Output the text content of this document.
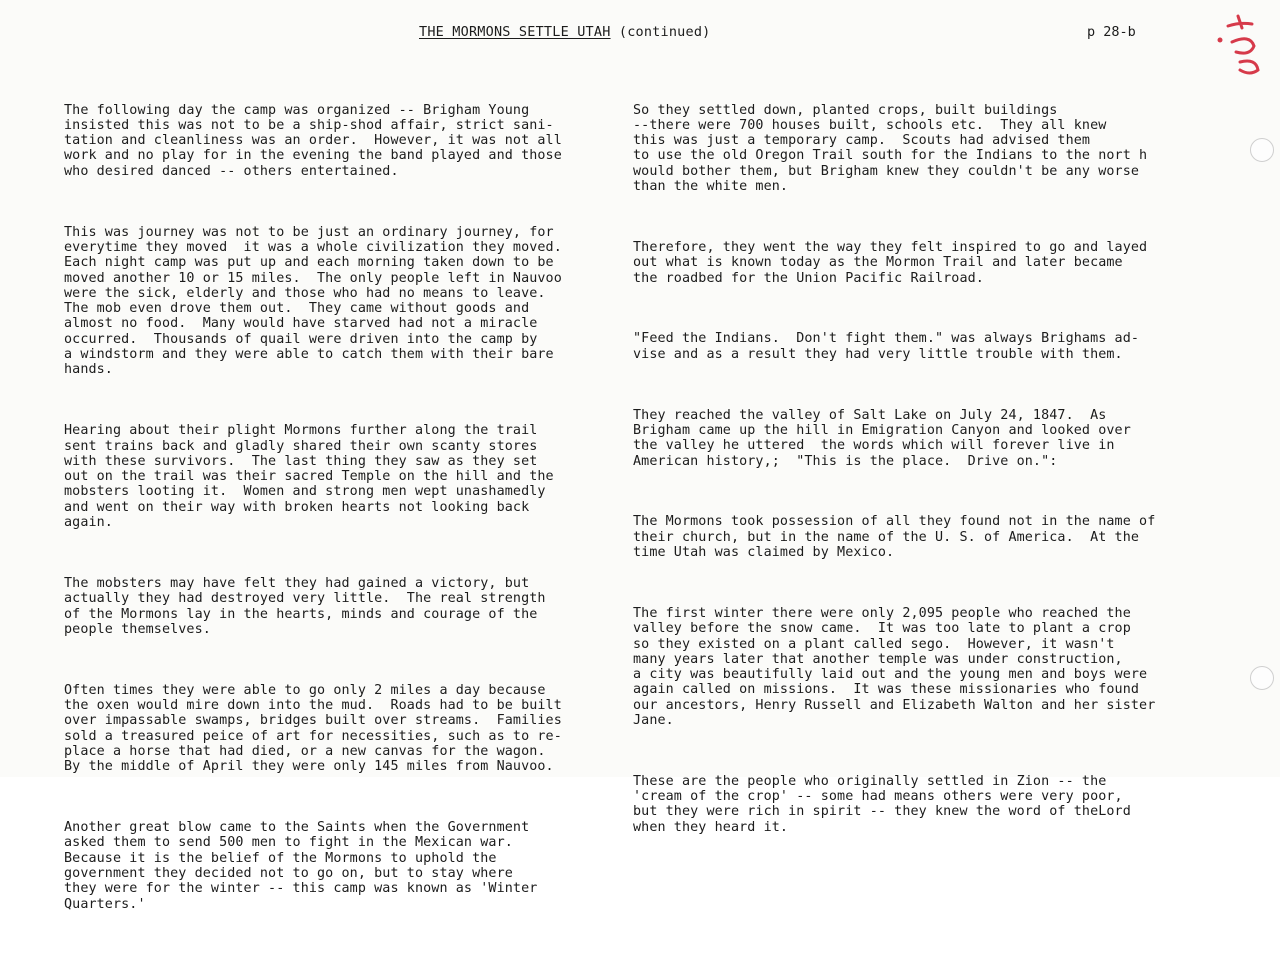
THE MORMONS SETTLE UTAH (continued)	p 28-b

The following day the camp was organized -- Brigham Young
insisted this was not to be a ship-shod affair, strict sani-
tation and cleanliness was an order.  However, it was not all
work and no play for in the evening the band played and those
who desired danced -- others entertained.

This was journey was not to be just an ordinary journey, for
everytime they moved  it was a whole civilization they moved.
Each night camp was put up and each morning taken down to be
moved another 10 or 15 miles.  The only people left in Nauvoo
were the sick, elderly and those who had no means to leave.
The mob even drove them out.  They came without goods and
almost no food.  Many would have starved had not a miracle
occurred.  Thousands of quail were driven into the camp by
a windstorm and they were able to catch them with their bare
hands.

Hearing about their plight Mormons further along the trail
sent trains back and gladly shared their own scanty stores
with these survivors.  The last thing they saw as they set
out on the trail was their sacred Temple on the hill and the
mobsters looting it.  Women and strong men wept unashamedly
and went on their way with broken hearts not looking back
again.

The mobsters may have felt they had gained a victory, but
actually they had destroyed very little.  The real strength
of the Mormons lay in the hearts, minds and courage of the
people themselves.

Often times they were able to go only 2 miles a day because
the oxen would mire down into the mud.  Roads had to be built
over impassable swamps, bridges built over streams.  Families
sold a treasured peice of art for necessities, such as to re-
place a horse that had died, or a new canvas for the wagon.
By the middle of April they were only 145 miles from Nauvoo.

Another great blow came to the Saints when the Government
asked them to send 500 men to fight in the Mexican war.
Because it is the belief of the Mormons to uphold the
government they decided not to go on, but to stay where
they were for the winter -- this camp was known as 'Winter
Quarters.'

So they settled down, planted crops, built buildings
--there were 700 houses built, schools etc.  They all knew
this was just a temporary camp.  Scouts had advised them
to use the old Oregon Trail south for the Indians to the nort h
would bother them, but Brigham knew they couldn't be any worse
than the white men.

Therefore, they went the way they felt inspired to go and layed
out what is known today as the Mormon Trail and later became
the roadbed for the Union Pacific Railroad.

"Feed the Indians.  Don't fight them." was always Brighams ad-
vise and as a result they had very little trouble with them.

They reached the valley of Salt Lake on July 24, 1847.  As
Brigham came up the hill in Emigration Canyon and looked over
the valley he uttered  the words which will forever live in
American history,;  "This is the place.  Drive on.":

The Mormons took possession of all they found not in the name of
their church, but in the name of the U. S. of America.  At the
time Utah was claimed by Mexico.

The first winter there were only 2,095 people who reached the
valley before the snow came.  It was too late to plant a crop
so they existed on a plant called sego.  However, it wasn't
many years later that another temple was under construction,
a city was beautifully laid out and the young men and boys were
again called on missions.  It was these missionaries who found
our ancestors, Henry Russell and Elizabeth Walton and her sister
Jane.

These are the people who originally settled in Zion -- the
'cream of the crop' -- some had means others were very poor,
but they were rich in spirit -- they knew the word of theLord
when they heard it.
